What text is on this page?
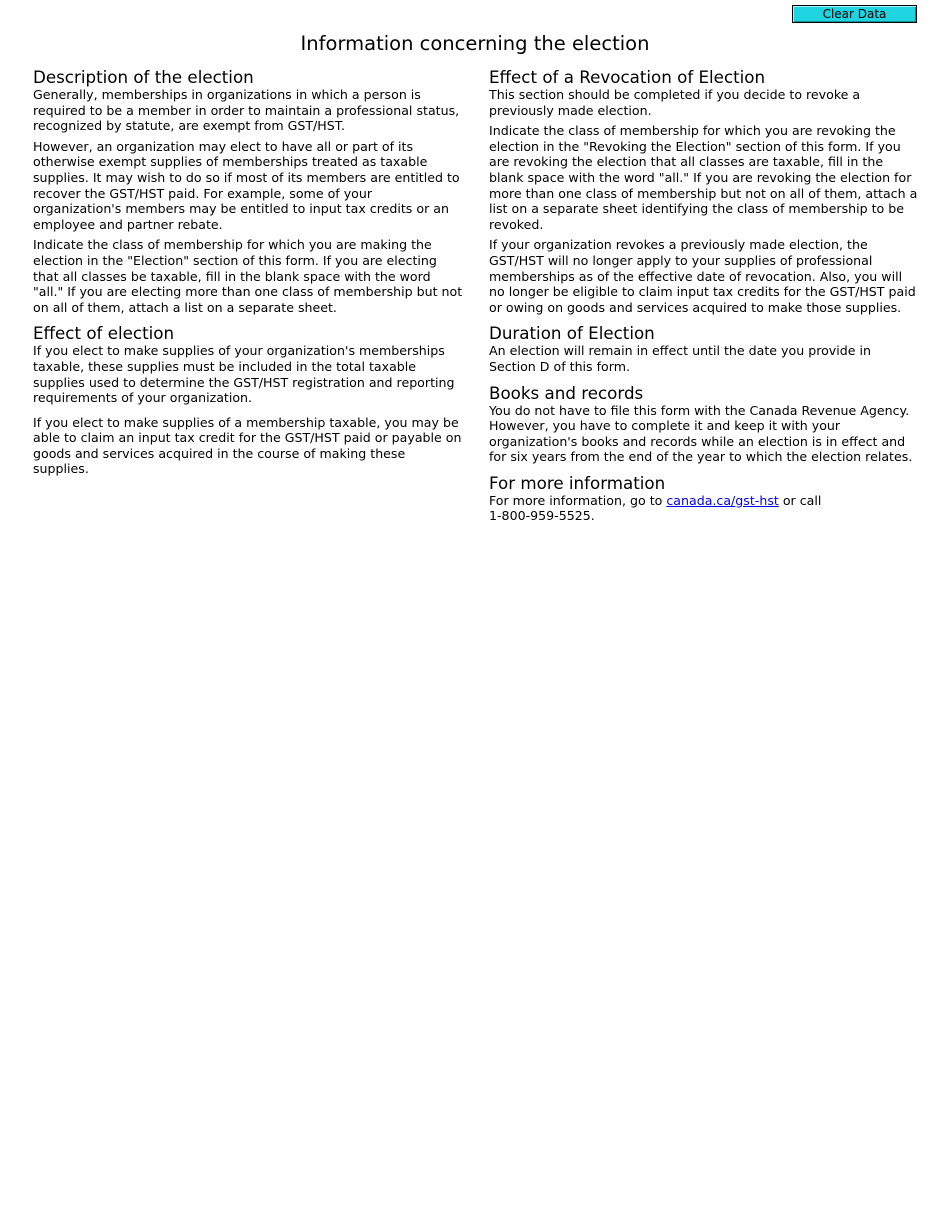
Clear Data
Information concerning the election
Description of the election

Generally, memberships in organizations in which a person is required to be a member in order to maintain a professional status, recognized by statute, are exempt from GST/HST.

However, an organization may elect to have all or part of its otherwise exempt supplies of memberships treated as taxable supplies. It may wish to do so if most of its members are entitled to recover the GST/HST paid. For example, some of your organization's members may be entitled to input tax credits or an employee and partner rebate.

Indicate the class of membership for which you are making the election in the "Election" section of this form. If you are electing that all classes be taxable, fill in the blank space with the word "all." If you are electing more than one class of membership but not on all of them, attach a list on a separate sheet.

Effect of election

If you elect to make supplies of your organization's memberships taxable, these supplies must be included in the total taxable supplies used to determine the GST/HST registration and reporting requirements of your organization.

If you elect to make supplies of a membership taxable, you may be able to claim an input tax credit for the GST/HST paid or payable on goods and services acquired in the course of making these supplies.

Effect of a Revocation of Election

This section should be completed if you decide to revoke a previously made election.

Indicate the class of membership for which you are revoking the election in the "Revoking the Election" section of this form. If you are revoking the election that all classes are taxable, fill in the blank space with the word "all." If you are revoking the election for more than one class of membership but not on all of them, attach a list on a separate sheet identifying the class of membership to be revoked.

If your organization revokes a previously made election, the GST/HST will no longer apply to your supplies of professional memberships as of the effective date of revocation. Also, you will no longer be eligible to claim input tax credits for the GST/HST paid or owing on goods and services acquired to make those supplies.

Duration of Election

An election will remain in effect until the date you provide in Section D of this form.

Books and records

You do not have to file this form with the Canada Revenue Agency. However, you have to complete it and keep it with your organization's books and records while an election is in effect and for six years from the end of the year to which the election relates.

For more information

For more information, go to canada.ca/gst-hst or call
1-800-959-5525.
